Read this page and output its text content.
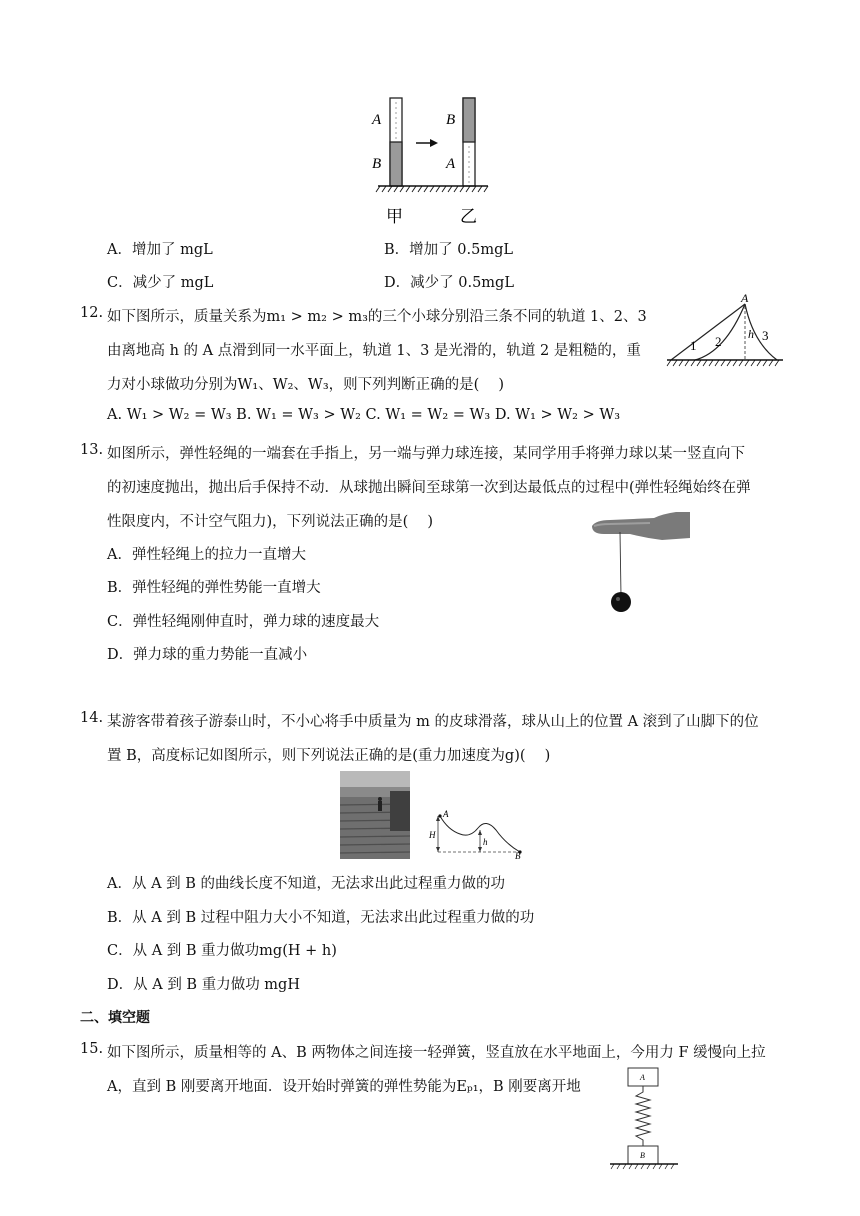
A
B
B
A
甲	乙
A．增加了 mgL	B．增加了 0.5mgL
C．减少了 mgL	D．减少了 0.5mgL
12. 如下图所示，质量关系为m₁ > m₂ > m₃的三个小球分别沿三条不同的轨道 1、2、3
由离地高 h 的 A 点滑到同一水平面上，轨道 1、3 是光滑的，轨道 2 是粗糙的，重
力对小球做功分别为W₁、W₂、W₃，则下列判断正确的是(　 )
A. W₁ > W₂ = W₃ B. W₁ = W₃ > W₂ C. W₁ = W₂ = W₃ D. W₁ > W₂ > W₃
A
1 2 h 3
13. 如图所示，弹性轻绳的一端套在手指上，另一端与弹力球连接，某同学用手将弹力球以某一竖直向下
的初速度抛出，抛出后手保持不动．从球抛出瞬间至球第一次到达最低点的过程中(弹性轻绳始终在弹
性限度内，不计空气阻力)，下列说法正确的是(　 )
A．弹性轻绳上的拉力一直增大
B．弹性轻绳的弹性势能一直增大
C．弹性轻绳刚伸直时，弹力球的速度最大
D．弹力球的重力势能一直减小
14. 某游客带着孩子游泰山时，不小心将手中质量为 m 的皮球滑落，球从山上的位置 A 滚到了山脚下的位
置 B，高度标记如图所示，则下列说法正确的是(重力加速度为g)(　 )
A
H
h
B
A．从 A 到 B 的曲线长度不知道，无法求出此过程重力做的功
B．从 A 到 B 过程中阻力大小不知道，无法求出此过程重力做的功
C．从 A 到 B 重力做功mg(H + h)
D．从 A 到 B 重力做功 mgH
二、填空题
15. 如下图所示，质量相等的 A、B 两物体之间连接一轻弹簧，竖直放在水平地面上，今用力 F 缓慢向上拉
A，直到 B 刚要离开地面．设开始时弹簧的弹性势能为Eₚ₁，B 刚要离开地
A
B
